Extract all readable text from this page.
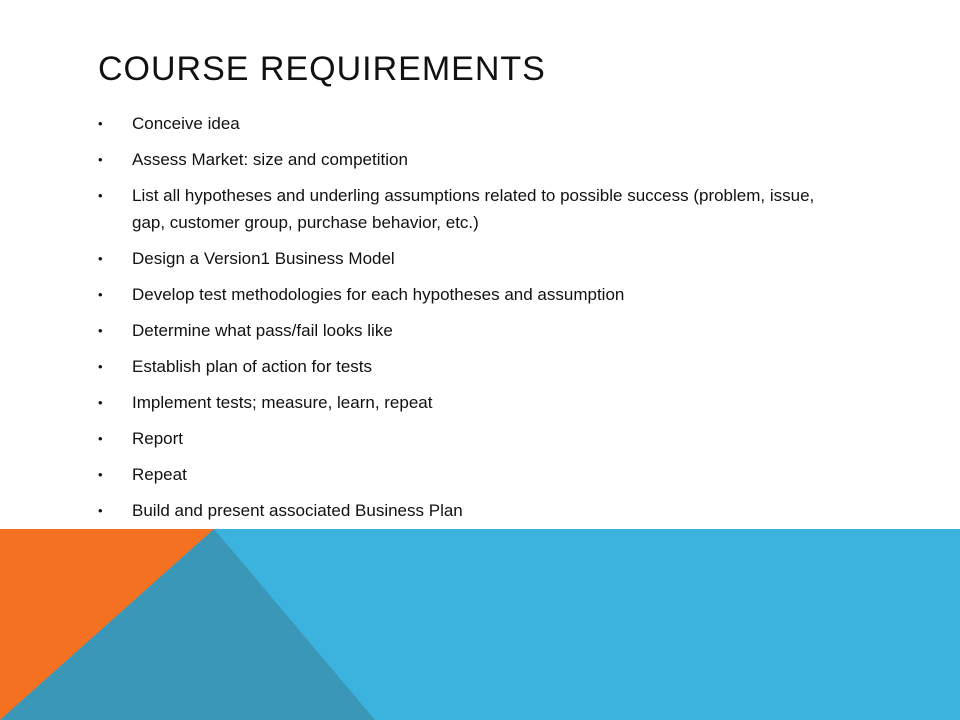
COURSE REQUIREMENTS
• Conceive idea
• Assess Market: size and competition
• List all hypotheses and underling assumptions related to possible success (problem, issue, gap, customer group, purchase behavior, etc.)
• Design a Version1 Business Model
• Develop test methodologies for each hypotheses and assumption
• Determine what pass/fail looks like
• Establish plan of action for tests
• Implement tests; measure, learn, repeat
• Report
• Repeat
• Build and present associated Business Plan
